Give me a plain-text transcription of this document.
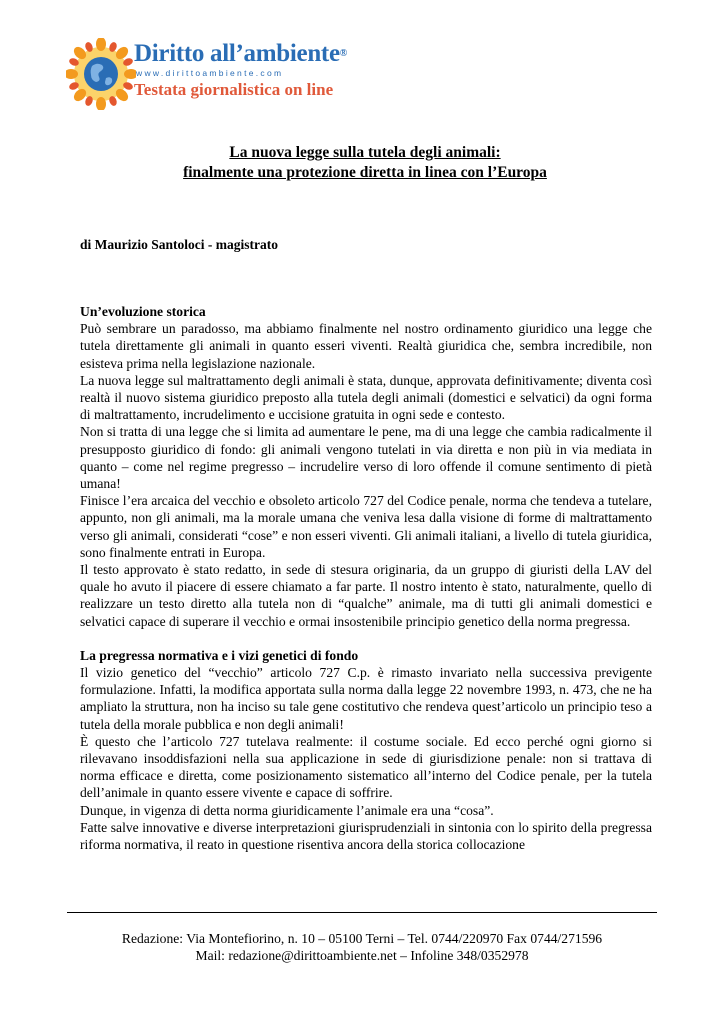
Diritto all’ambiente®
www.dirittoambiente.com
Testata giornalistica on line
La nuova legge sulla tutela degli animali:
finalmente una protezione diretta in linea con l’Europa
di Maurizio Santoloci - magistrato
Un’evoluzione storica

Può sembrare un paradosso, ma abbiamo finalmente nel nostro ordinamento giuridico una legge che tutela direttamente gli animali in quanto esseri viventi. Realtà giuridica che, sembra incredibile, non esisteva prima nella legislazione nazionale.

La nuova legge sul maltrattamento degli animali è stata, dunque, approvata definitivamente; diventa così realtà il nuovo sistema giuridico preposto alla tutela degli animali (domestici e selvatici) da ogni forma di maltrattamento, incrudelimento e uccisione gratuita in ogni sede e contesto.

Non si tratta di una legge che si limita ad aumentare le pene, ma di una legge che cambia radicalmente il presupposto giuridico di fondo: gli animali vengono tutelati in via diretta e non più in via mediata in quanto – come nel regime pregresso – incrudelire verso di loro offende il comune sentimento di pietà umana!

Finisce l’era arcaica del vecchio e obsoleto articolo 727 del Codice penale, norma che tendeva a tutelare, appunto, non gli animali, ma la morale umana che veniva lesa dalla visione di forme di maltrattamento verso gli animali, considerati “cose” e non esseri viventi. Gli animali italiani, a livello di tutela giuridica, sono finalmente entrati in Europa.

Il testo approvato è stato redatto, in sede di stesura originaria, da un gruppo di giuristi della LAV del quale ho avuto il piacere di essere chiamato a far parte. Il nostro intento è stato, naturalmente, quello di realizzare un testo diretto alla tutela non di “qualche” animale, ma di tutti gli animali domestici e selvatici capace di superare il vecchio e ormai insostenibile principio genetico della norma pregressa.

La pregressa normativa e i vizi genetici di fondo

Il vizio genetico del “vecchio” articolo 727 C.p. è rimasto invariato nella successiva previgente formulazione. Infatti, la modifica apportata sulla norma dalla legge 22 novembre 1993, n. 473, che ne ha ampliato la struttura, non ha inciso su tale gene costitutivo che rendeva quest’articolo un principio teso a tutela della morale pubblica e non degli animali!

È questo che l’articolo 727 tutelava realmente: il costume sociale. Ed ecco perché ogni giorno si rilevavano insoddisfazioni nella sua applicazione in sede di giurisdizione penale: non si trattava di norma efficace e diretta, come posizionamento sistematico all’interno del Codice penale, per la tutela dell’animale in quanto essere vivente e capace di soffrire.

Dunque, in vigenza di detta norma giuridicamente l’animale era una “cosa”.

Fatte salve innovative e diverse interpretazioni giurisprudenziali in sintonia con lo spirito della pregressa riforma normativa, il reato in questione risentiva ancora della storica collocazione

Redazione: Via Montefiorino, n. 10 – 05100 Terni – Tel. 0744/220970 Fax 0744/271596
Mail: redazione@dirittoambiente.net – Infoline 348/0352978
